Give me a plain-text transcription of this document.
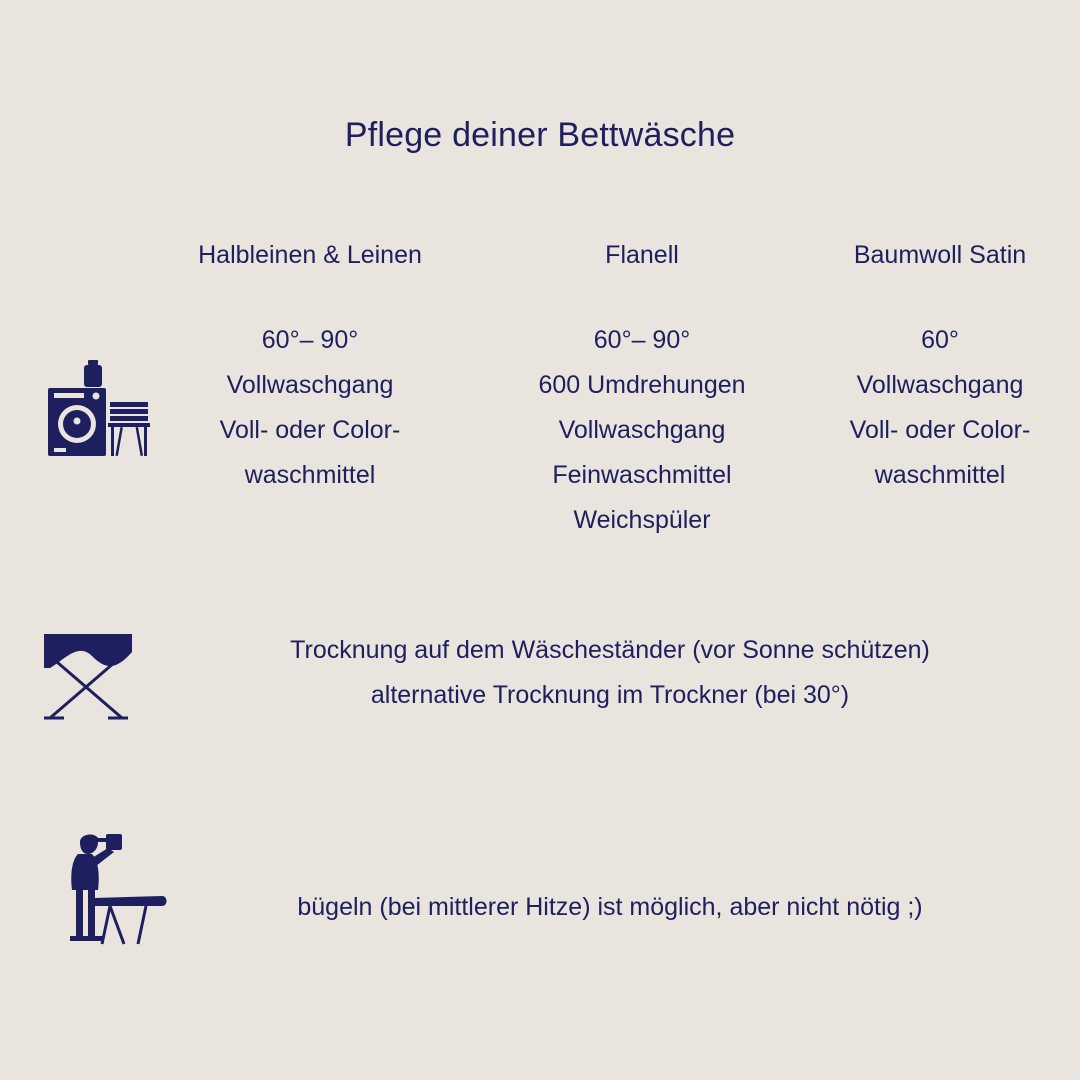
Pflege deiner Bettwäsche
Halbleinen & Leinen
60°– 90°
Vollwaschgang
Voll- oder Color-
waschmittel
Flanell
60°– 90°
600 Umdrehungen
Vollwaschgang
Feinwaschmittel
Weichspüler
Baumwoll Satin
60°
Vollwaschgang
Voll- oder Color-
waschmittel
Trocknung auf dem Wäscheständer (vor Sonne schützen)
alternative Trocknung im Trockner (bei 30°)
bügeln (bei mittlerer Hitze) ist möglich, aber nicht nötig ;)
